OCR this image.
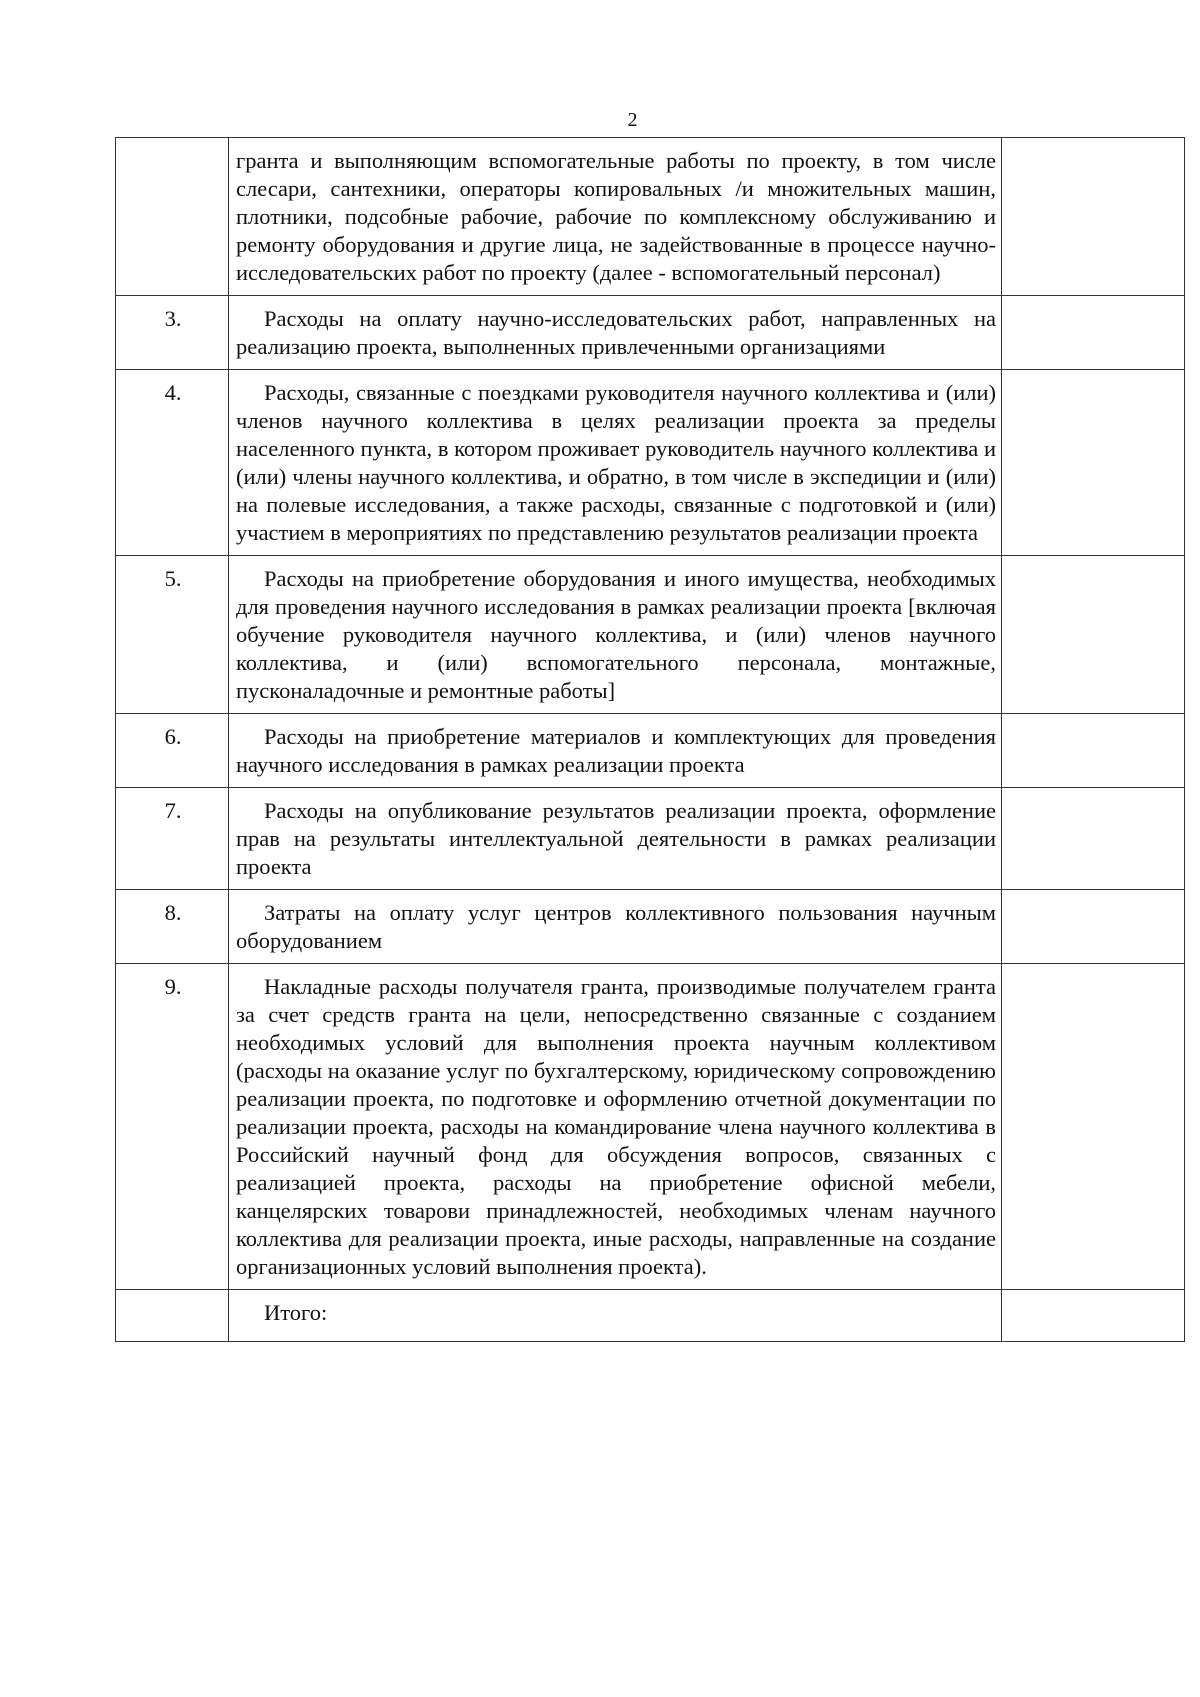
2
	гранта и выполняющим вспомогательные работы по проекту, в том числе слесари, сантехники, операторы копировальных /и множительных машин, плотники, подсобные рабочие, рабочие по комплексному обслуживанию и ремонту оборудования и другие лица, не задействованные в процессе научно-исследовательских работ по проекту (далее - вспомогательный персонал)	
3.	Расходы на оплату научно-исследовательских работ, направленных на реализацию проекта, выполненных привлеченными организациями	
4.	Расходы, связанные с поездками руководителя научного коллектива и (или) членов научного коллектива в целях реализации проекта за пределы населенного пункта, в котором проживает руководитель научного коллектива и (или) члены научного коллектива, и обратно, в том числе в экспедиции и (или) на полевые исследования, а также расходы, связанные с подготовкой и (или) участием в мероприятиях по представлению результатов реализации проекта	
5.	Расходы на приобретение оборудования и иного имущества, необходимых для проведения научного исследования в рамках реализации проекта [включая обучение руководителя научного коллектива, и (или) членов научного коллектива, и (или) вспомогательного персонала, монтажные, пусконаладочные и ремонтные работы]	
6.	Расходы на приобретение материалов и комплектующих для проведения научного исследования в рамках реализации проекта	
7.	Расходы на опубликование результатов реализации проекта, оформление прав на результаты интеллектуальной деятельности в рамках реализации проекта	
8.	Затраты на оплату услуг центров коллективного пользования научным оборудованием	
9.	Накладные расходы получателя гранта, производимые получателем гранта за счет средств гранта на цели, непосредственно связанные с созданием необходимых условий для выполнения проекта научным коллективом (расходы на оказание услуг по бухгалтерскому, юридическому сопровождению реализации проекта, по подготовке и оформлению отчетной документации по реализации проекта, расходы на командирование члена научного коллектива в Российский научный фонд для обсуждения вопросов, связанных с реализацией проекта, расходы на приобретение офисной мебели, канцелярских товарови принадлежностей, необходимых членам научного коллектива для реализации проекта, иные расходы, направленные на создание организационных условий выполнения проекта).	
	Итого:	
